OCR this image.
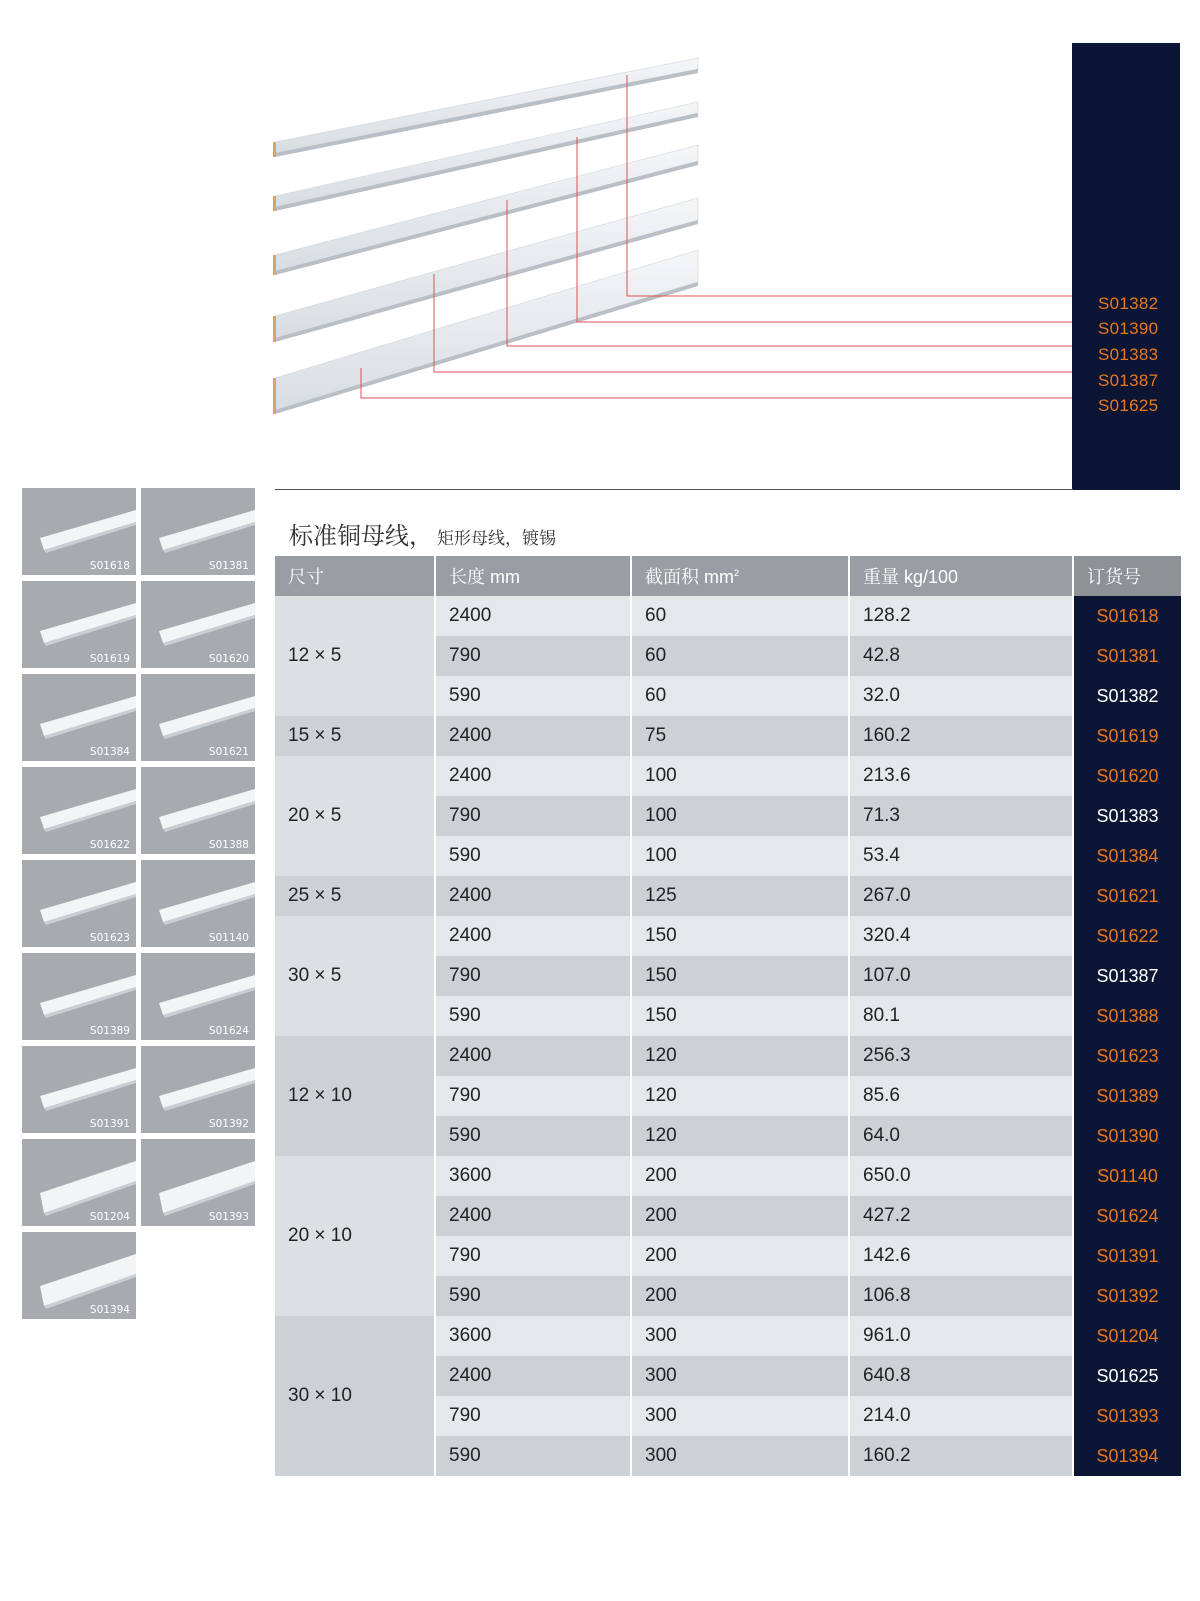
S01382
S01390
S01383
S01387
S01625
S01618	S01381
S01619	S01620
S01384	S01621
S01622	S01388
S01623	S01140
S01389	S01624
S01391	S01392
S01204	S01393
S01394
标准铜母线， 矩形母线，镀锡
尺寸	长度 mm	截面积 $mm^2$	重量 kg/100	订货号
12 × 5	2400	60	128.2	S01618
	790	60	42.8	S01381
	590	60	32.0	S01382
15 × 5	2400	75	160.2	S01619
20 × 5	2400	100	213.6	S01620
	790	100	71.3	S01383
	590	100	53.4	S01384
25 × 5	2400	125	267.0	S01621
30 × 5	2400	150	320.4	S01622
	790	150	107.0	S01387
	590	150	80.1	S01388
12 × 10	2400	120	256.3	S01623
	790	120	85.6	S01389
	590	120	64.0	S01390
20 × 10	3600	200	650.0	S01140
	2400	200	427.2	S01624
	790	200	142.6	S01391
	590	200	106.8	S01392
30 × 10	3600	300	961.0	S01204
	2400	300	640.8	S01625
	790	300	214.0	S01393
	590	300	160.2	S01394
